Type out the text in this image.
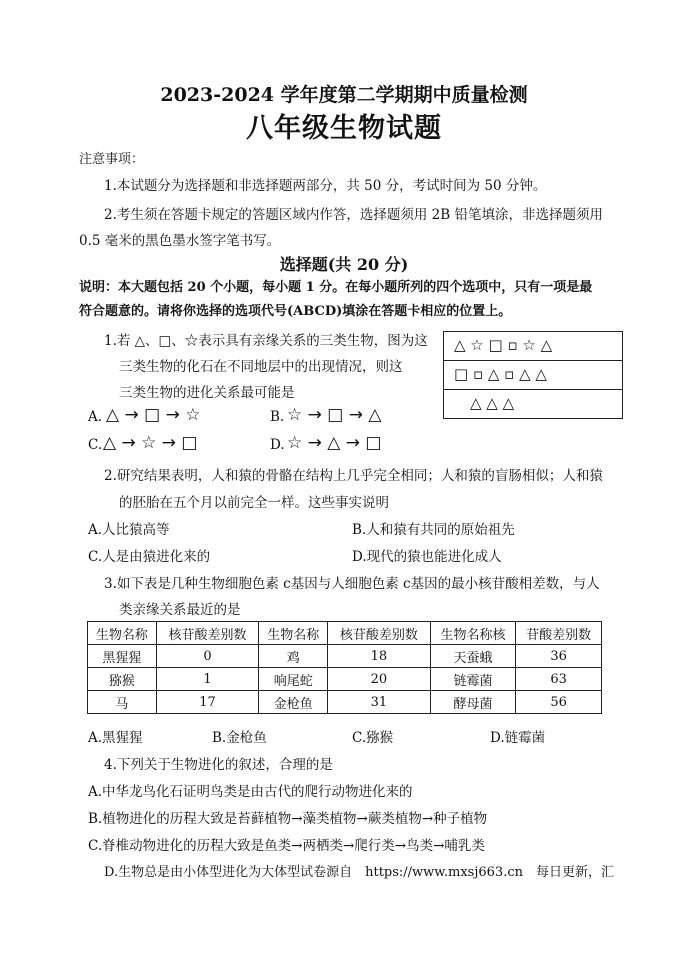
2023-2024 学年度第二学期期中质量检测
八年级生物试题
注意事项：
1.本试题分为选择题和非选择题两部分，共 50 分，考试时间为 50 分钟。
2.考生须在答题卡规定的答题区域内作答，选择题须用 2B 铅笔填涂，非选择题须用
0.5 毫米的黑色墨水签字笔书写。
选择题(共 20 分)
说明：本大题包括 20 个小题，每小题 1 分。在每小题所列的四个选项中，只有一项是最
符合题意的。请将你选择的选项代号(ABCD)填涂在答题卡相应的位置上。
1.若 △、□、☆表示具有亲缘关系的三类生物，图为这
三类生物的化石在不同地层中的出现情况，则这
三类生物的进化关系最可能是
△ ☆ □ ▫ ☆ △
□ ▫ △ ▫ △ △
△ △ △
A. △ → □ → ☆	B. ☆ → □ → △
C. △ → ☆ → □	D. ☆ → △ → □
2.研究结果表明，人和猿的骨骼在结构上几乎完全相同；人和猿的盲肠相似；人和猿
的胚胎在五个月以前完全一样。这些事实说明
A.人比猿高等	B.人和猿有共同的原始祖先
C.人是由猿进化来的	D.现代的猿也能进化成人
3.如下表是几种生物细胞色素 c基因与人细胞色素 c基因的最小核苷酸相差数，与人
类亲缘关系最近的是
生物名称	核苷酸差别数	生物名称	核苷酸差别数	生物名称核	苷酸差别数
黑猩猩	0	鸡	18	天蚕蛾	36
猕猴	1	响尾蛇	20	链霉菌	63
马	17	金枪鱼	31	酵母菌	56
A.黑猩猩	B.金枪鱼	C.猕猴	D.链霉菌
4.下列关于生物进化的叙述，合理的是
A.中华龙鸟化石证明鸟类是由古代的爬行动物进化来的
B.植物进化的历程大致是苔藓植物→藻类植物→蕨类植物→种子植物
C.脊椎动物进化的历程大致是鱼类→两栖类→爬行类→鸟类→哺乳类
D.生物总是由小体型进化为大体型试卷源自　https://www.mxsj663.cn　每日更新，汇
